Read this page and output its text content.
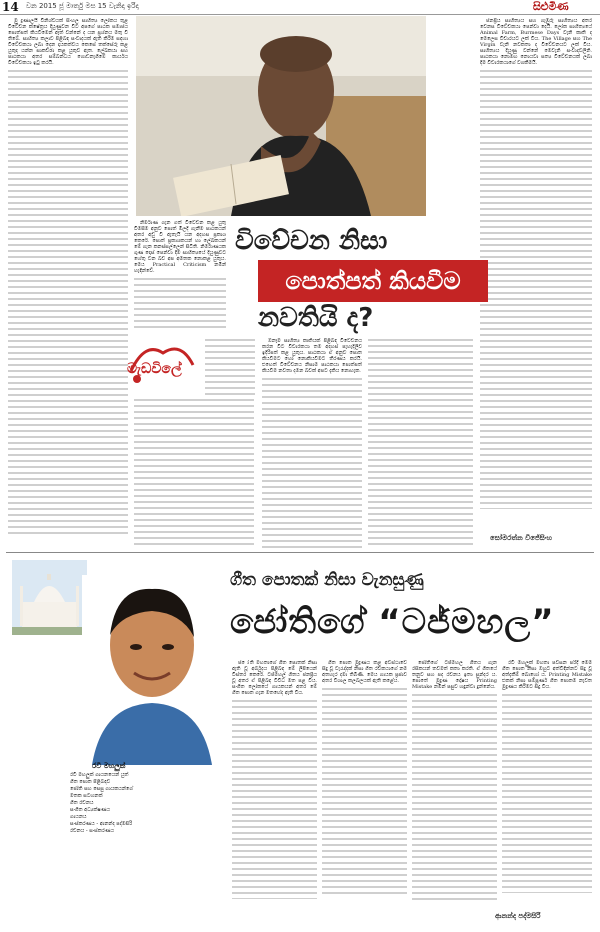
14 වන 2015 ජූ මාර්තු මස 15 වැනිදා ඉරිදා	සිළුමිණ

මු ද්‍රණාලයී විනිශ්චයක් සිංහල සාහිත්‍ය ලෝකය තුළ විවේචන ක්ෂේත්‍රය දියුණුවන විට අපගේ පාඨක සමාජය පොත්පත් කියවීමෙන් ඈත් වන්නේ ද යන ප්‍රශ්නය මතු වී තිබේ. සාහිත්‍ය කලාව පිළිබඳ සංවාදයක් ඇති කිරීම සඳහා විවේචකයා ලබා දෙන දායකත්වය කෙසේ තක්සේරු කළ යුතුද යන්න සාකච්ඡා කළ යුතුව ඇත. ලේඛකයා සහ පාඨකයා අතර සම්බන්ධය ගොඩනැගීමේ කාර්යය විවේචකයා ඉටු කරයි.

නිර්මාණ ගැන ගත් විවේචන කළ යුතු විමසීම අනුව පොත් මිලදී ගැනීම පාඨකයන් අතර අඩු වී ඇතැයි යන අදහස ප්‍රකාශ කෙරේ. පොත් ප්‍රකාශකයන් හා ලේඛකයන් මේ ගැන කනස්සල්ලෙන් සිටිති. නිර්මාණයක ගුණ දොස් පෙන්වා දීම සාහිත්‍යයේ දියුණුවට හේතු වන බව අප අමතක නොකළ යුතුය. මෙය Practical Criticism නමින් හැඳින්වේ.

ඕනෑම සාහිත්‍ය කෘතියක් පිළිබඳ විවේචනය කරන විට විචාරකයා තම අදහස් පැහැදිලිව ඉදිරිපත් කළ යුතුය. පාඨකයා ඒ අනුව පොත කියවීමට හෝ නොකියවීමට තීරණය කරයි. එහෙත් විවේචනය නිසාම පාඨකයා පොත්පත් කියවීම නවතා දමන බවක් අපට දැකිය නොහැක.

ජනප්‍රිය සාහිත්‍යය සහ ගැඹුරු සාහිත්‍යය අතර වෙනස විවේචකයා පෙන්වා දෙයි. ලෝක සාහිත්‍යයේ Animal Farm, Burmese Days වැනි කෘති ද මෙලෙස විචාරයට ලක් විය. The Village සහ The Virgin වැනි නවකතා ද විවේචනයට ලක් විය. සාහිත්‍යය දියුණු වන්නේ මෙවැනි සංවාදවලිනි. පාඨකයා නොමඟ නොයවා සත්‍ය විවේචනයක් ලබා දීම විචාරකයාගේ වගකීමයි.

විවේචන නිසා
පොත්පත් කියවීම
නවතියි ද?
මැඩවිලේ
සෝමරත්න විජේසිංහ
රවී මහලුක්
රවී මහලුක් ගායනයෙන් යුත්
ගීත පොත පිළිබඳව
ජෝති සහ සෙසු ගායකයන්ගේ
මතක සටහනක්
ගීත රචනය
සංගීත අධ්‍යක්ෂණය
ගායනය
සංස්කරණය - ආනන්ද පද්මසිරි
රචනය - සංස්කරණය
ගීත පොතක් නිසා වැනසුණු
ජෝතිගේ “ටජ්මහල”

ජ ‍‍ෝති මහතාගේ ගීත පොතක් නිසා ඇති වූ අර්බුදය පිළිබඳ මේ ලිපියෙන් විස්තර කෙරේ. ටජ්මහල් ගීතය ජනප්‍රිය වූ අතර ඒ පිළිබඳ විවිධ මත පළ විය. සංගීත ලෝකයේ ගායකයන් අතර මේ ගීත පොත ගැන මතභේද ඇති විය.

ගීත පොත මුද්‍රණය කළ අවස්ථාවේ සිදු වූ වැරැද්දක් නිසා ගීත රචකයාගේ නම අතහැර දමා තිබිණි. මෙය ගායක ප්‍රජාව අතර විශාල කලබලයක් ඇති කළේය.

ජෝතිගේ ටජ්මහල ගීතය ගැන රසිකයන් තවමත් කතා කරති. ඒ ගීතයේ තනුව සහ පද රචනය ඉතා සුන්දර ය. පොතේ මුද්‍රණ දෝෂය Printing Mistake නමින් පසුව හඳුන්වා දුන්නේය.

රවී මහලුක් මහතා පවසන පරිදි මෙම ගීත පොත නිසා ඔහුට අත්විඳින්නට සිදු වූ අත්දැකීම් බොහෝ ය. Printing Mistake එකක් නිසා සම්පූර්ණ ගීත පොතම නැවත මුද්‍රණය කිරීමට සිදු විය.

ආනන්ද පද්මසිරි
